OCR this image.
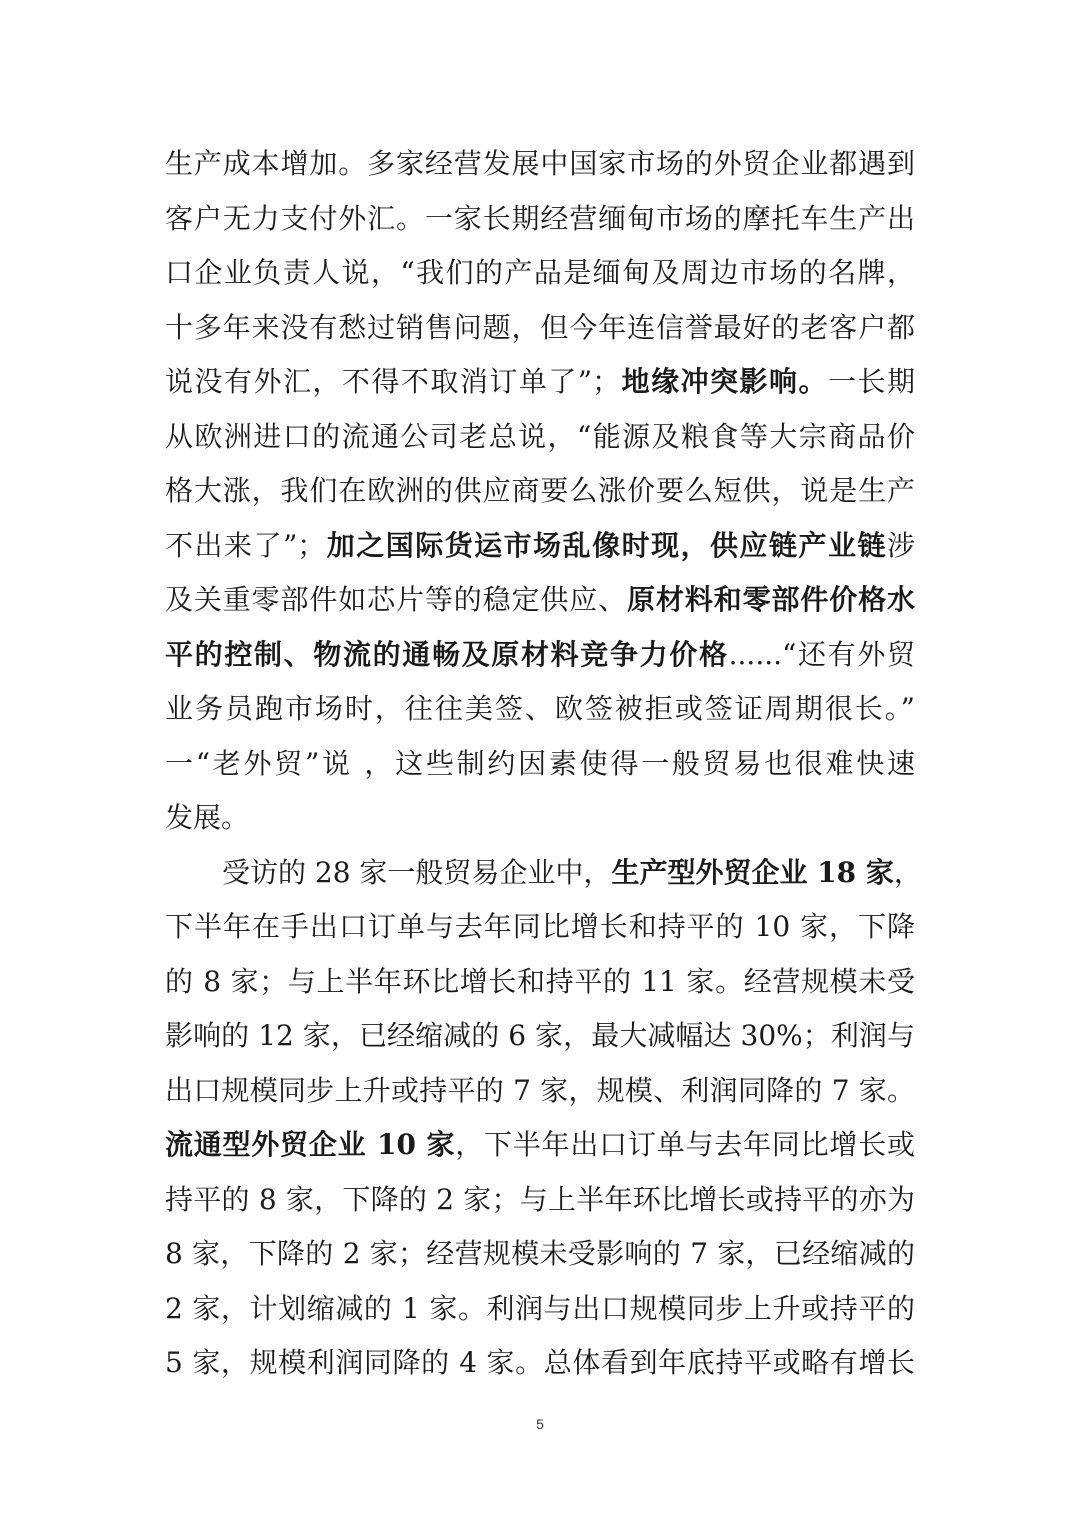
生产成本增加。多家经营发展中国家市场的外贸企业都遇到
客户无力支付外汇。一家长期经营缅甸市场的摩托车生产出
口企业负责人说，“我们的产品是缅甸及周边市场的名牌，
十多年来没有愁过销售问题，但今年连信誉最好的老客户都
说没有外汇，不得不取消订单了”；地缘冲突影响。一长期
从欧洲进口的流通公司老总说，“能源及粮食等大宗商品价
格大涨，我们在欧洲的供应商要么涨价要么短供，说是生产
不出来了”；加之国际货运市场乱像时现，供应链产业链涉
及关重零部件如芯片等的稳定供应、原材料和零部件价格水
平的控制、物流的通畅及原材料竞争力价格......“还有外贸
业务员跑市场时，往往美签、欧签被拒或签证周期很长。”
一“老外贸”说 ，这些制约因素使得一般贸易也很难快速
发展。
受访的 28 家一般贸易企业中，生产型外贸企业 18 家，
下半年在手出口订单与去年同比增长和持平的 10 家，下降
的 8 家；与上半年环比增长和持平的 11 家。经营规模未受
影响的 12 家，已经缩减的 6 家，最大减幅达 30%；利润与
出口规模同步上升或持平的 7 家，规模、利润同降的 7 家。
流通型外贸企业 10 家，下半年出口订单与去年同比增长或
持平的 8 家，下降的 2 家；与上半年环比增长或持平的亦为
8 家，下降的 2 家；经营规模未受影响的 7 家，已经缩减的
2 家，计划缩减的 1 家。利润与出口规模同步上升或持平的
5 家，规模利润同降的 4 家。总体看到年底持平或略有增长
5
